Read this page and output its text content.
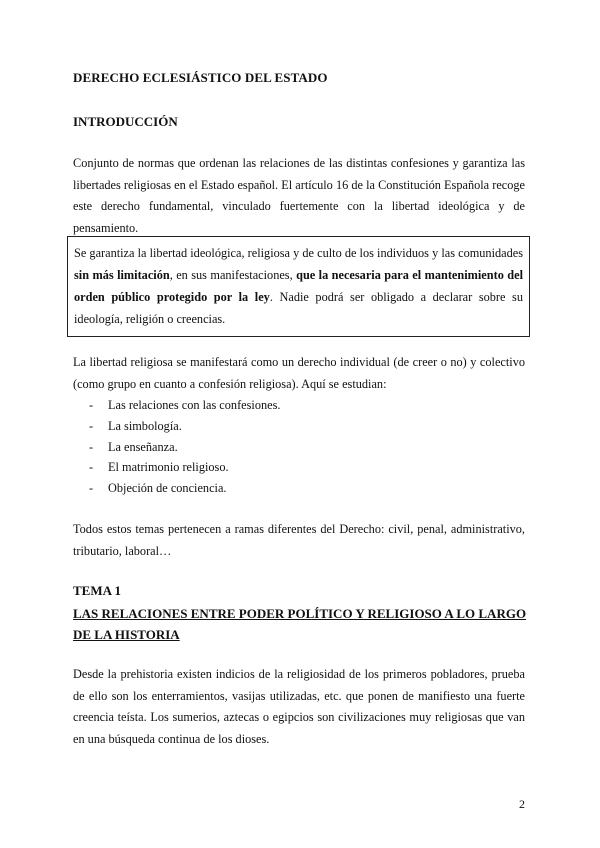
DERECHO ECLESIÁSTICO DEL ESTADO
INTRODUCCIÓN

Conjunto de normas que ordenan las relaciones de las distintas confesiones y garantiza las libertades religiosas en el Estado español. El artículo 16 de la Constitución Española recoge este derecho fundamental, vinculado fuertemente con la libertad ideológica y de pensamiento.

Se garantiza la libertad ideológica, religiosa y de culto de los individuos y las comunidades sin más limitación, en sus manifestaciones, que la necesaria para el mantenimiento del orden público protegido por la ley. Nadie podrá ser obligado a declarar sobre su ideología, religión o creencias.

La libertad religiosa se manifestará como un derecho individual (de creer o no) y colectivo (como grupo en cuanto a confesión religiosa). Aquí se estudian:

- Las relaciones con las confesiones.
- La simbología.
- La enseñanza.
- El matrimonio religioso.
- Objeción de conciencia.

Todos estos temas pertenecen a ramas diferentes del Derecho: civil, penal, administrativo, tributario, laboral…

TEMA 1

LAS RELACIONES ENTRE PODER POLÍTICO Y RELIGIOSO A LO LARGO DE LA HISTORIA

Desde la prehistoria existen indicios de la religiosidad de los primeros pobladores, prueba de ello son los enterramientos, vasijas utilizadas, etc. que ponen de manifiesto una fuerte creencia teísta. Los sumerios, aztecas o egipcios son civilizaciones muy religiosas que van en una búsqueda continua de los dioses.

2
